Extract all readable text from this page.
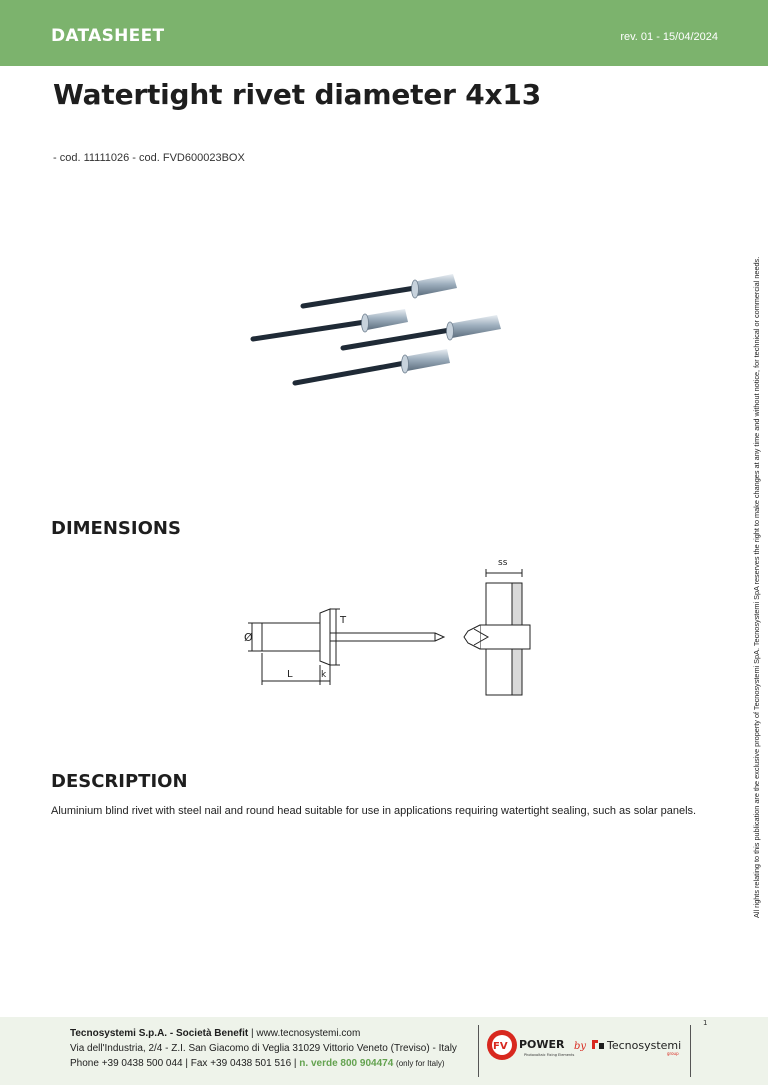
DATASHEET	rev. 01 - 15/04/2024
Watertight rivet diameter 4x13
- cod. 11111026 - cod. FVD600023BOX
DIMENSIONS
Ø
T
L	k
ss
DESCRIPTION
Aluminium blind rivet with steel nail and round head suitable for use in applications requiring watertight sealing, such as solar panels.	All rights relating to this publication are the exclusive property of Tecnosystemi SpA. Tecnosystemi SpA reserves the right to make changes at any time and without notice, for technical or commercial needs.
Tecnosystemi S.p.A. - Società Benefit | www.tecnosystemi.com
Via dell'Industria, 2/4 - Z.I. San Giacomo di Veglia 31029 Vittorio Veneto (Treviso) - Italy
Phone +39 0438 500 044 | Fax +39 0438 501 516 | n. verde 800 904474 (only for Italy)
1
FV POWER
Photovoltaic Fixing Elements
by Tecnosystemi
group
